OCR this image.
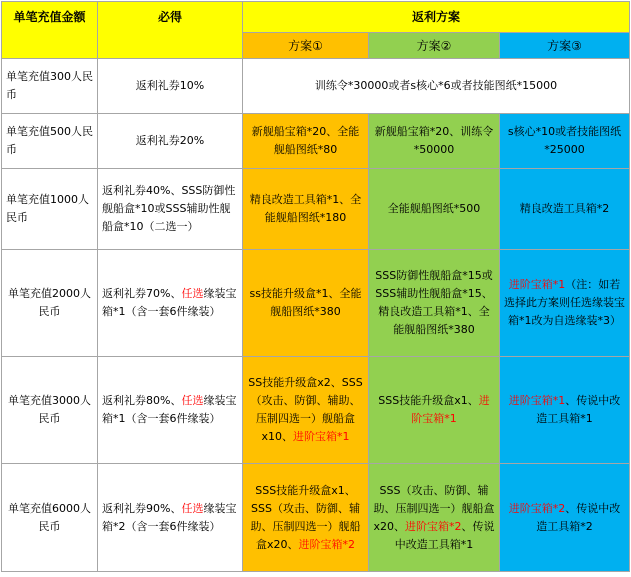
单笔充值金额	必得	返利方案		
		方案①	方案②	方案③
单笔充值300人民币	返利礼券10%	训练令*30000或者s核心*6或者技能图纸*15000		
单笔充值500人民币	返利礼券20%	新舰船宝箱*20、全能舰船图纸*80	新舰船宝箱*20、训练令*50000	s核心*10或者技能图纸*25000
单笔充值1000人民币	返利礼券40%、SSS防御性舰船盒*10或SSS辅助性舰船盒*10（二选一）	精良改造工具箱*1、全能舰船图纸*180	全能舰船图纸*500	精良改造工具箱*2
单笔充值2000人民币	返利礼券70%、任选缘装宝箱*1（含一套6件缘装）	ss技能升级盒*1、全能舰船图纸*380	SSS防御性舰船盒*15或SSS辅助性舰船盒*15、精良改造工具箱*1、全能舰船图纸*380	进阶宝箱*1（注：如若选择此方案则任选缘装宝箱*1改为自选缘装*3）
单笔充值3000人民币	返利礼券80%、任选缘装宝箱*1（含一套6件缘装）	SS技能升级盒x2、SSS（攻击、防御、辅助、压制四选一）舰船盒x10、进阶宝箱*1	SSS技能升级盒x1、进阶宝箱*1	进阶宝箱*1、传说中改造工具箱*1
单笔充值6000人民币	返利礼券90%、任选缘装宝箱*2（含一套6件缘装）	SSS技能升级盒x1、SSS（攻击、防御、辅助、压制四选一）舰船盒x20、进阶宝箱*2	SSS（攻击、防御、辅助、压制四选一）舰船盒x20、进阶宝箱*2、传说中改造工具箱*1	进阶宝箱*2、传说中改造工具箱*2
